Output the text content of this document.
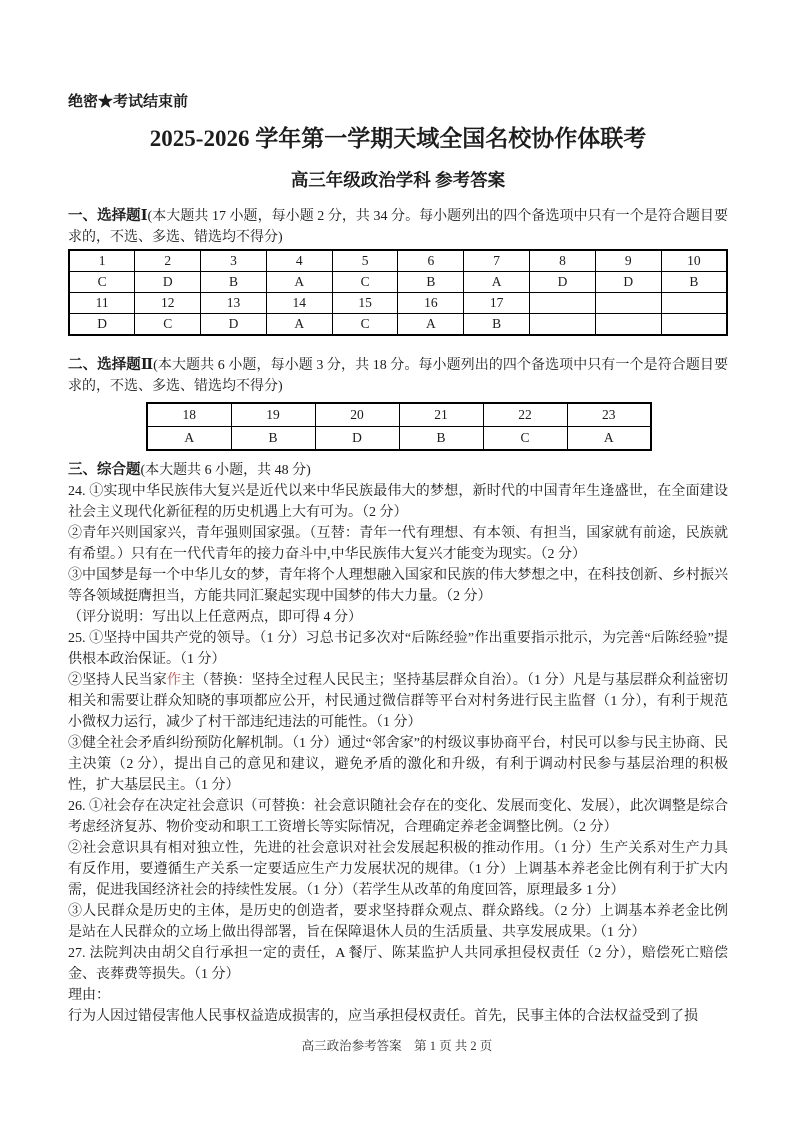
绝密★考试结束前
2025-2026 学年第一学期天域全国名校协作体联考
高三年级政治学科 参考答案

一、选择题Ⅰ(本大题共 17 小题，每小题 2 分，共 34 分。每小题列出的四个备选项中只有一个是符合题目要求的，不选、多选、错选均不得分)

1	2	3	4	5	6	7	8	9	10
C	D	B	A	C	B	A	D	D	B
11	12	13	14	15	16	17			
D	C	D	A	C	A	B			

二、选择题Ⅱ(本大题共 6 小题，每小题 3 分，共 18 分。每小题列出的四个备选项中只有一个是符合题目要求的，不选、多选、错选均不得分)

18	19	20	21	22	23
A	B	D	B	C	A

三、综合题(本大题共 6 小题，共 48 分)

24. ①实现中华民族伟大复兴是近代以来中华民族最伟大的梦想，新时代的中国青年生逢盛世，在全面建设社会主义现代化新征程的历史机遇上大有可为。（2 分）

②青年兴则国家兴，青年强则国家强。（互替：青年一代有理想、有本领、有担当，国家就有前途，民族就有希望。）只有在一代代青年的接力奋斗中,中华民族伟大复兴才能变为现实。（2 分）

③中国梦是每一个中华儿女的梦，青年将个人理想融入国家和民族的伟大梦想之中，在科技创新、乡村振兴等各领域挺膺担当，方能共同汇聚起实现中国梦的伟大力量。（2 分）

（评分说明：写出以上任意两点，即可得 4 分）

25. ①坚持中国共产党的领导。（1 分）习总书记多次对“后陈经验”作出重要指示批示，为完善“后陈经验”提供根本政治保证。（1 分）

②坚持人民当家作主（替换：坚持全过程人民民主；坚持基层群众自治）。（1 分）凡是与基层群众利益密切相关和需要让群众知晓的事项都应公开，村民通过微信群等平台对村务进行民主监督（1 分），有利于规范小微权力运行，减少了村干部违纪违法的可能性。（1 分）

③健全社会矛盾纠纷预防化解机制。（1 分）通过“邻舍家”的村级议事协商平台，村民可以参与民主协商、民主决策（2 分），提出自己的意见和建议，避免矛盾的激化和升级，有利于调动村民参与基层治理的积极性，扩大基层民主。（1 分）

26. ①社会存在决定社会意识（可替换：社会意识随社会存在的变化、发展而变化、发展），此次调整是综合考虑经济复苏、物价变动和职工工资增长等实际情况，合理确定养老金调整比例。（2 分）

②社会意识具有相对独立性，先进的社会意识对社会发展起积极的推动作用。（1 分）生产关系对生产力具有反作用，要遵循生产关系一定要适应生产力发展状况的规律。（1 分）上调基本养老金比例有利于扩大内需，促进我国经济社会的持续性发展。（1 分）（若学生从改革的角度回答，原理最多 1 分）

③人民群众是历史的主体，是历史的创造者，要求坚持群众观点、群众路线。（2 分）上调基本养老金比例是站在人民群众的立场上做出得部署，旨在保障退休人员的生活质量、共享发展成果。（1 分）

27. 法院判决由胡父自行承担一定的责任，A 餐厅、陈某监护人共同承担侵权责任（2 分），赔偿死亡赔偿金、丧葬费等损失。（1 分）

理由：

行为人因过错侵害他人民事权益造成损害的，应当承担侵权责任。首先，民事主体的合法权益受到了损

高三政治参考答案　第 1 页 共 2 页
